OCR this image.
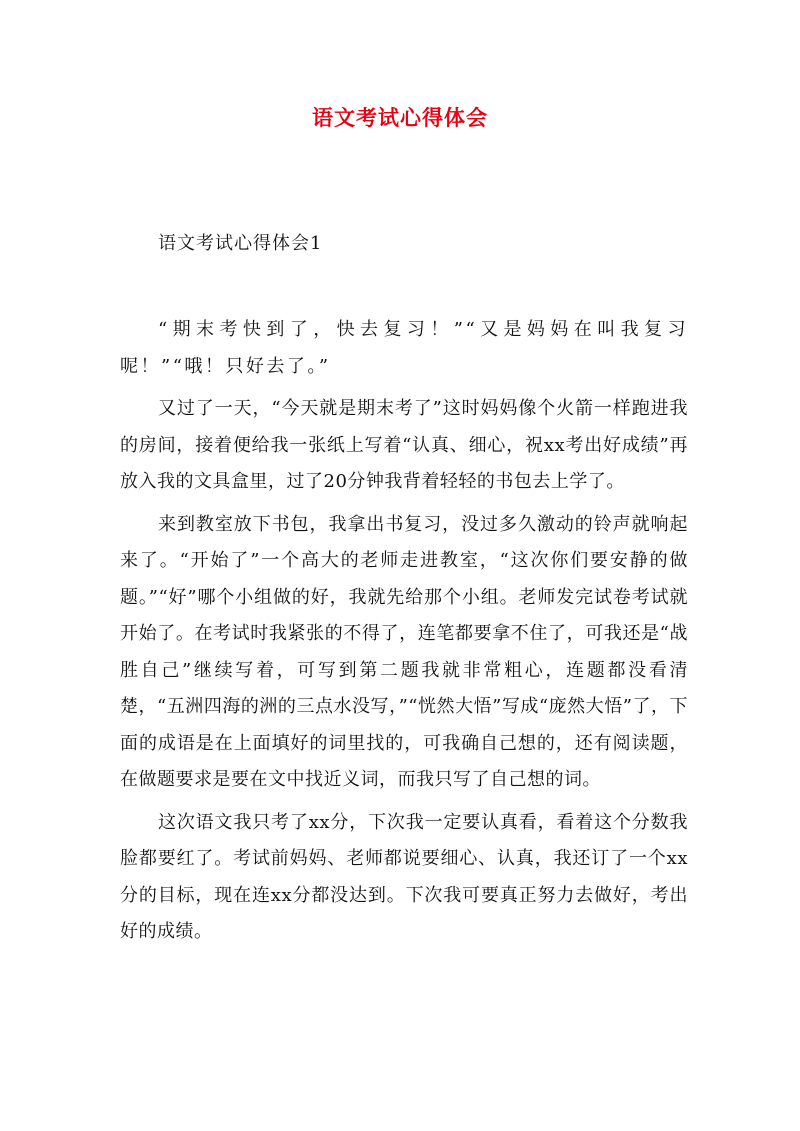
语文考试心得体会
语文考试心得体会1

“期末考快到了，快去复习！”“又是妈妈在叫我复习呢！”“哦！只好去了。”

又过了一天，“今天就是期末考了”这时妈妈像个火箭一样跑进我的房间，接着便给我一张纸上写着“认真、细心，祝xx考出好成绩”再放入我的文具盒里，过了20分钟我背着轻轻的书包去上学了。

来到教室放下书包，我拿出书复习，没过多久激动的铃声就响起来了。“开始了”一个高大的老师走进教室，“这次你们要安静的做题。”“好”哪个小组做的好，我就先给那个小组。老师发完试卷考试就开始了。在考试时我紧张的不得了，连笔都要拿不住了，可我还是“战胜自己”继续写着，可写到第二题我就非常粗心，连题都没看清楚，“五洲四海的洲的三点水没写，”“恍然大悟”写成“庞然大悟”了，下面的成语是在上面填好的词里找的，可我确自己想的，还有阅读题，在做题要求是要在文中找近义词，而我只写了自己想的词。

这次语文我只考了xx分，下次我一定要认真看，看着这个分数我脸都要红了。考试前妈妈、老师都说要细心、认真，我还订了一个xx分的目标，现在连xx分都没达到。下次我可要真正努力去做好，考出好的成绩。
